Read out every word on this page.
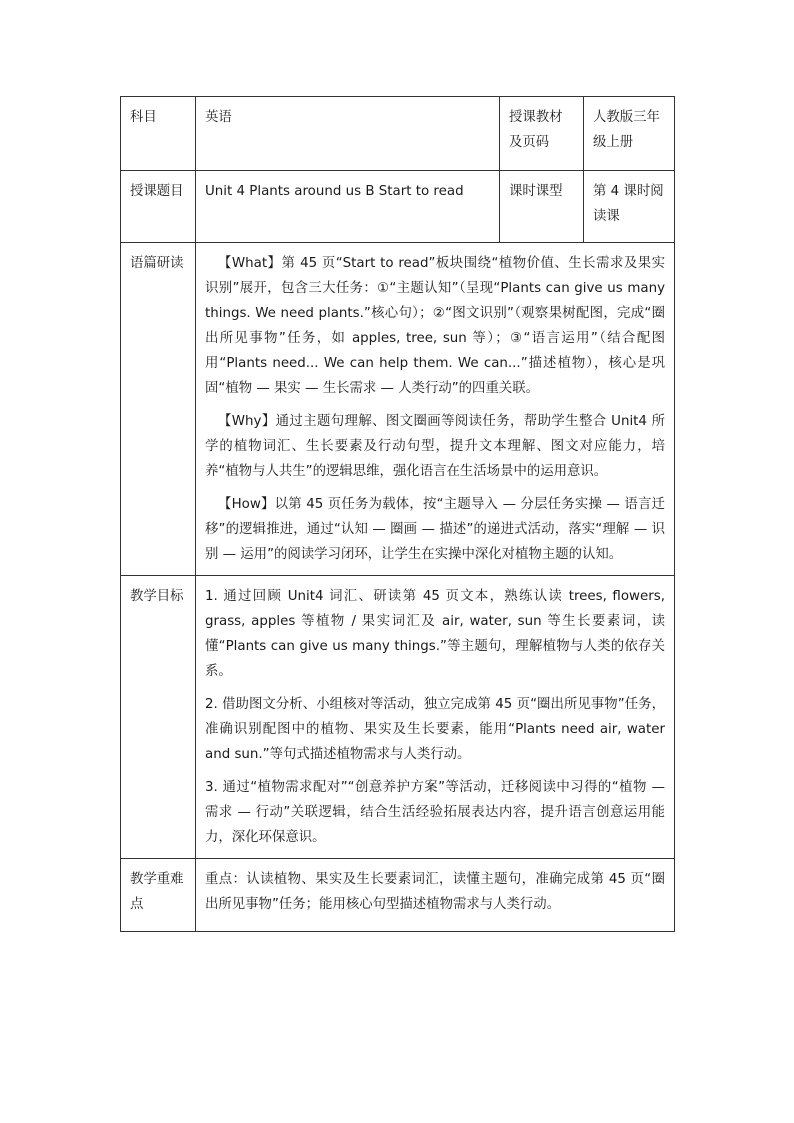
科目	英语	授课教材及页码	人教版三年级上册
授课题目	Unit 4 Plants around us B Start to read	课时课型	第 4 课时阅读课
语篇研读	【What】第 45 页“Start to read”板块围绕“植物价值、生长需求及果实识别”展开，包含三大任务：①“主题认知”（呈现“Plants can give us many things. We need plants.”核心句）；②“图文识别”（观察果树配图，完成“圈出所见事物”任务，如 apples, tree, sun 等）；③“语言运用”（结合配图用“Plants need... We can help them. We can...”描述植物），核心是巩固“植物 — 果实 — 生长需求 — 人类行动”的四重关联。

【Why】通过主题句理解、图文圈画等阅读任务，帮助学生整合 Unit4 所学的植物词汇、生长要素及行动句型，提升文本理解、图文对应能力，培养“植物与人共生”的逻辑思维，强化语言在生活场景中的运用意识。

【How】以第 45 页任务为载体，按“主题导入 — 分层任务实操 — 语言迁移”的逻辑推进，通过“认知 — 圈画 — 描述”的递进式活动，落实“理解 — 识别 — 运用”的阅读学习闭环，让学生在实操中深化对植物主题的认知。		

教学目标	1. 通过回顾 Unit4 词汇、研读第 45 页文本，熟练认读 trees, flowers, grass, apples 等植物 / 果实词汇及 air, water, sun 等生长要素词，读懂“Plants can give us many things.”等主题句，理解植物与人类的依存关系。

2. 借助图文分析、小组核对等活动，独立完成第 45 页“圈出所见事物”任务，准确识别配图中的植物、果实及生长要素，能用“Plants need air, water and sun.”等句式描述植物需求与人类行动。

3. 通过“植物需求配对”“创意养护方案”等活动，迁移阅读中习得的“植物 — 需求 — 行动”关联逻辑，结合生活经验拓展表达内容，提升语言创意运用能力，深化环保意识。		

教学重难点	重点：认读植物、果实及生长要素词汇，读懂主题句，准确完成第 45 页“圈出所见事物”任务；能用核心句型描述植物需求与人类行动。		
